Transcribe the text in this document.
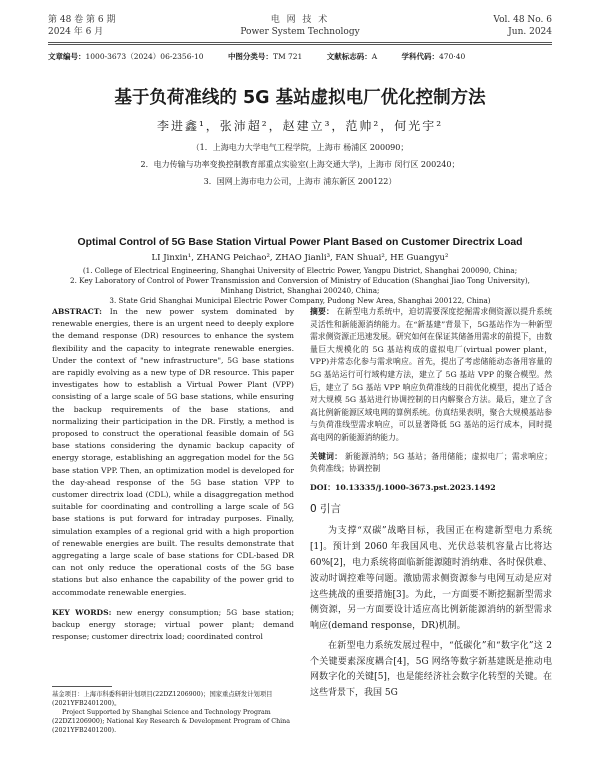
第 48 卷 第 6 期
2024 年 6 月
电 网 技 术
Power System Technology
Vol. 48 No. 6
Jun. 2024
文章编号：1000-3673（2024）06-2356-10	中图分类号：TM 721	文献标志码：A	学科代码：470·40
基于负荷准线的 5G 基站虚拟电厂优化控制方法
李进鑫¹，张沛超²，赵建立³，范帅²，何光宇²
（1．上海电力大学电气工程学院，上海市 杨浦区 200090；
2．电力传输与功率变换控制教育部重点实验室(上海交通大学)，上海市 闵行区 200240；
3．国网上海市电力公司，上海市 浦东新区 200122）
Optimal Control of 5G Base Station Virtual Power Plant Based on Customer Directrix Load
LI Jinxin¹, ZHANG Peichao², ZHAO Jianli³, FAN Shuai², HE Guangyu²
(1. College of Electrical Engineering, Shanghai University of Electric Power, Yangpu District, Shanghai 200090, China;
2. Key Laboratory of Control of Power Transmission and Conversion of Ministry of Education (Shanghai Jiao Tong University),
Minhang District, Shanghai 200240, China;
3. State Grid Shanghai Municipal Electric Power Company, Pudong New Area, Shanghai 200122, China)

ABSTRACT: In the new power system dominated by renewable energies, there is an urgent need to deeply explore the demand response (DR) resources to enhance the system flexibility and the capacity to integrate renewable energies. Under the context of "new infrastructure", 5G base stations are rapidly evolving as a new type of DR resource. This paper investigates how to establish a Virtual Power Plant (VPP) consisting of a large scale of 5G base stations, while ensuring the backup requirements of the base stations, and normalizing their participation in the DR. Firstly, a method is proposed to construct the operational feasible domain of 5G base stations considering the dynamic backup capacity of energy storage, establishing an aggregation model for the 5G base station VPP. Then, an optimization model is developed for the day-ahead response of the 5G base station VPP to customer directrix load (CDL), while a disaggregation method suitable for coordinating and controlling a large scale of 5G base stations is put forward for intraday purposes. Finally, simulation examples of a regional grid with a high proportion of renewable energies are built. The results demonstrate that aggregating a large scale of base stations for CDL-based DR can not only reduce the operational costs of the 5G base stations but also enhance the capability of the power grid to accommodate renewable energies.

KEY WORDS: new energy consumption; 5G base station; backup energy storage; virtual power plant; demand response; customer directrix load; coordinated control

基金项目：上海市科委科研计划项目(22DZ1206900)；国家重点研发计划项目(2021YFB2401200)。

Project Supported by Shanghai Science and Technology Program (22DZ1206900); National Key Research & Development Program of China (2021YFB2401200).

摘要： 在新型电力系统中，迫切需要深度挖掘需求侧资源以提升系统灵活性和新能源消纳能力。在“新基建”背景下，5G基站作为一种新型需求侧资源正迅速发展。研究如何在保证其储备用需求的前提下，由数量巨大规模化的 5G 基站构成的虚拟电厂(virtual power plant，VPP)并常态化参与需求响应。首先，提出了考虑储能动态备用容量的 5G 基站运行可行域构建方法，建立了 5G 基站 VPP 的聚合模型。然后，建立了 5G 基站 VPP 响应负荷准线的日前优化模型，提出了适合对大规模 5G 基站进行协调控制的日内解聚合方法。最后，建立了含高比例新能源区域电网的算例系统。仿真结果表明，聚合大规模基站参与负荷准线型需求响应，可以显著降低 5G 基站的运行成本，同时提高电网的新能源消纳能力。

关键词： 新能源消纳；5G 基站；备用储能；虚拟电厂；需求响应；负荷准线；协调控制

DOI：10.13335/j.1000-3673.pst.2023.1492

0 引言

为支撑“双碳”战略目标，我国正在构建新型电力系统[1]。预计到 2060 年我国风电、光伏总装机容量占比将达 60%[2]，电力系统将面临新能源随时消纳难、各时保供难、波动时调控难等问题。激励需求侧资源参与电网互动是应对这些挑战的重要措施[3]。为此，一方面要不断挖掘新型需求侧资源，另一方面要设计适应高比例新能源消纳的新型需求响应(demand response，DR)机制。

在新型电力系统发展过程中，“低碳化”和“数字化”这 2 个关键要素深度耦合[4]，5G 网络等数字新基建既是推动电网数字化的关键[5]，也是能经济社会数字化转型的关键。在这些背景下，我国 5G
